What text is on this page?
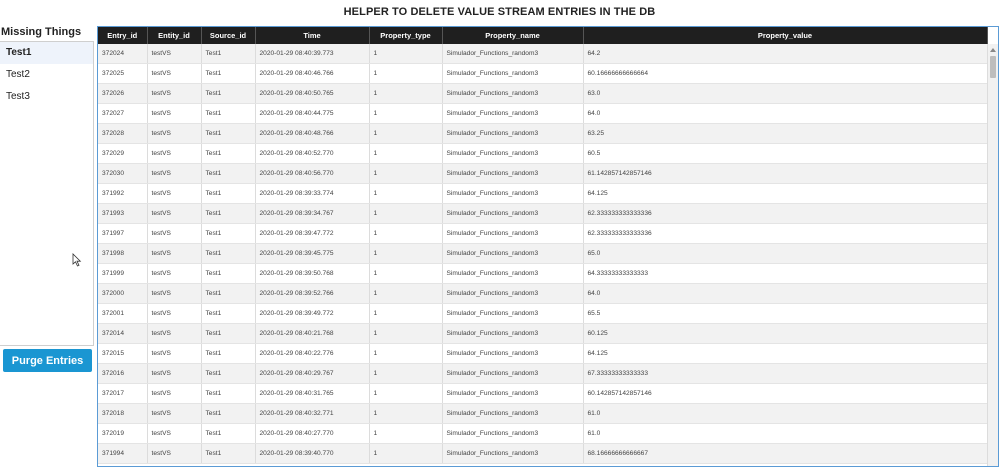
HELPER TO DELETE VALUE STREAM ENTRIES IN THE DB
Missing Things
Test1
Test2
Test3
Purge Entries
Entry_id	Entity_id	Source_id	Time	Property_type	Property_name	Property_value
372024	testVS	Test1	2020-01-29 08:40:39.773	1	Simulador_Functions_random3	64.2
372025	testVS	Test1	2020-01-29 08:40:46.766	1	Simulador_Functions_random3	60.16666666666664
372026	testVS	Test1	2020-01-29 08:40:50.765	1	Simulador_Functions_random3	63.0
372027	testVS	Test1	2020-01-29 08:40:44.775	1	Simulador_Functions_random3	64.0
372028	testVS	Test1	2020-01-29 08:40:48.766	1	Simulador_Functions_random3	63.25
372029	testVS	Test1	2020-01-29 08:40:52.770	1	Simulador_Functions_random3	60.5
372030	testVS	Test1	2020-01-29 08:40:56.770	1	Simulador_Functions_random3	61.142857142857146
371992	testVS	Test1	2020-01-29 08:39:33.774	1	Simulador_Functions_random3	64.125
371993	testVS	Test1	2020-01-29 08:39:34.767	1	Simulador_Functions_random3	62.333333333333336
371997	testVS	Test1	2020-01-29 08:39:47.772	1	Simulador_Functions_random3	62.333333333333336
371998	testVS	Test1	2020-01-29 08:39:45.775	1	Simulador_Functions_random3	65.0
371999	testVS	Test1	2020-01-29 08:39:50.768	1	Simulador_Functions_random3	64.33333333333333
372000	testVS	Test1	2020-01-29 08:39:52.766	1	Simulador_Functions_random3	64.0
372001	testVS	Test1	2020-01-29 08:39:49.772	1	Simulador_Functions_random3	65.5
372014	testVS	Test1	2020-01-29 08:40:21.768	1	Simulador_Functions_random3	60.125
372015	testVS	Test1	2020-01-29 08:40:22.776	1	Simulador_Functions_random3	64.125
372016	testVS	Test1	2020-01-29 08:40:29.767	1	Simulador_Functions_random3	67.33333333333333
372017	testVS	Test1	2020-01-29 08:40:31.765	1	Simulador_Functions_random3	60.142857142857146
372018	testVS	Test1	2020-01-29 08:40:32.771	1	Simulador_Functions_random3	61.0
372019	testVS	Test1	2020-01-29 08:40:27.770	1	Simulador_Functions_random3	61.0
371994	testVS	Test1	2020-01-29 08:39:40.770	1	Simulador_Functions_random3	68.16666666666667
